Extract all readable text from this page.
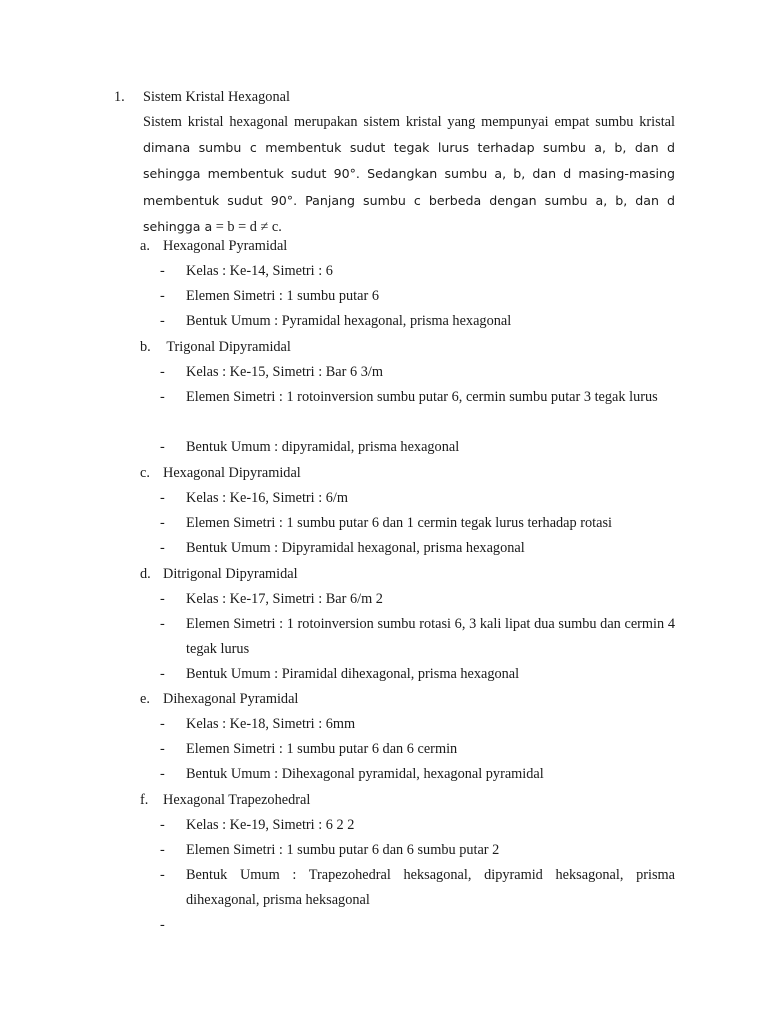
1. Sistem Kristal Hexagonal

Sistem kristal hexagonal merupakan sistem kristal yang mempunyai empat sumbu kristal dimana sumbu c membentuk sudut tegak lurus terhadap sumbu a, b, dan d sehingga membentuk sudut 90°. Sedangkan sumbu a, b, dan d masing-masing membentuk sudut 90°. Panjang sumbu c berbeda dengan sumbu a, b, dan d sehingga a = b = d ≠ c.

a. Hexagonal Pyramidal
- Kelas : Ke-14, Simetri : 6
- Elemen Simetri : 1 sumbu putar 6
- Bentuk Umum : Pyramidal hexagonal, prisma hexagonal
b. Trigonal Dipyramidal
- Kelas : Ke-15, Simetri : Bar 6 3/m
- Elemen Simetri : 1 rotoinversion sumbu putar 6, cermin sumbu putar 3 tegak lurus
- Bentuk Umum : dipyramidal, prisma hexagonal
c. Hexagonal Dipyramidal
- Kelas : Ke-16, Simetri : 6/m
- Elemen Simetri : 1 sumbu putar 6 dan 1 cermin tegak lurus terhadap rotasi
- Bentuk Umum : Dipyramidal hexagonal, prisma hexagonal
d. Ditrigonal Dipyramidal
- Kelas : Ke-17, Simetri : Bar 6/m 2
- Elemen Simetri : 1 rotoinversion sumbu rotasi 6, 3 kali lipat dua sumbu dan cermin 4 tegak lurus
- Bentuk Umum : Piramidal dihexagonal, prisma hexagonal
e. Dihexagonal Pyramidal
- Kelas : Ke-18, Simetri : 6mm
- Elemen Simetri : 1 sumbu putar 6 dan 6 cermin
- Bentuk Umum : Dihexagonal pyramidal, hexagonal pyramidal
f. Hexagonal Trapezohedral
- Kelas : Ke-19, Simetri : 6 2 2
- Elemen Simetri : 1 sumbu putar 6 dan 6 sumbu putar 2
- Bentuk Umum : Trapezohedral heksagonal, dipyramid heksagonal, prisma dihexagonal, prisma heksagonal
-
